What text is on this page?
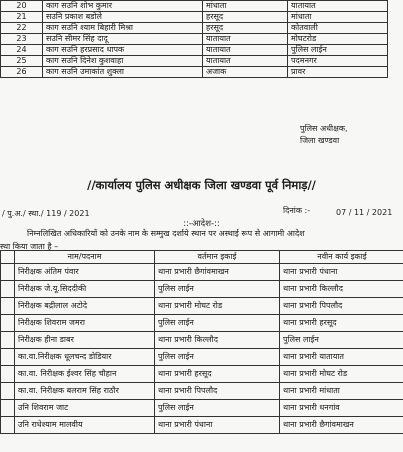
20	काग सउनि शोभ कुमार	मांधाता	यातायात
21	सउनि प्रकाश बडोले	हरसूद	मांधाता
22	काग सउनि श्याम बिहारी मिश्रा	हरसूद	कोतवाली
23	सउनि सीमर सिंह दादू	यातायात	मोघटरोड
24	काग सउनि हरप्रसाद धापक	यातायात	पुलिस लाईन
25	काग सउनि दिनेश कुशवाहा	यातायात	पदमनगर
26	काग सउनि उमाकांत शुक्ला	अजाक	प्रावर
पुलिस अधीक्षक,
जिला खण्डवा
//कार्यालय पुलिस अधीक्षक जिला खण्डवा पूर्व निमाड़//
/ पु.अ./ स्था./ 119 / 2021	दिनांक :-	07 / 11 / 2021
::-आदेश-::
निम्नलिखित अधिकारियों को उनके नाम के सम्मुख दर्शाये स्थान पर अस्थाई रूप से आगामी आदेश
स्था किया जाता है –
	नाम/पदनाम	वर्तमान इकाई	नवीन कार्य इकाई
	निरीक्षक अंतिम पंवार	थाना प्रभारी छैगांवमाखन	थाना प्रभारी पंधाना
	निरीक्षक जे.यू.सिददीकी	पुलिस लाईन	थाना प्रभारी किल्लौद
	निरीक्षक बद्रीलाल अटोदे	थाना प्रभारी मोघट रोड	थाना प्रभारी पिपलौद
	निरीक्षक शिवराम जमरा	पुलिस लाईन	थाना प्रभारी हरसूद
	निरीक्षक हीना डाबर	थाना प्रभारी किल्लौद	पुलिस लाईन
	का.वा.निरीक्षक धूलचन्द डोडियार	पुलिस लाईन	थाना प्रभारी यातायात
	का.वा. निरीक्षक ईश्वर सिंह चौहान	थाना प्रभारी हरसूद	थाना प्रभारी मोघट रोड
	का.वा. निरीक्षक बलराम सिंह राठौर	थाना प्रभारी पिपलौद	थाना प्रभारी मांधाता
	उनि शिवराम जाट	पुलिस लाईन	थाना प्रभारी धनगांव
	उनि राधेश्याम मालवीय	थाना प्रभारी पंधाना	थाना प्रभारी छैगांवमाखन
